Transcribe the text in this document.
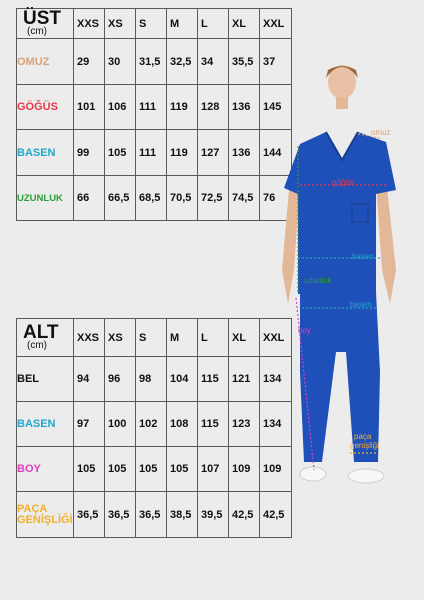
ÜST
(cm)	XXS	XS	S	M	L	XL	XXL
OMUZ	29	30	31,5	32,5	34	35,5	37
GÖĞÜS	101	106	111	119	128	136	145
BASEN	99	105	111	119	127	136	144
UZUNLUK	66	66,5	68,5	70,5	72,5	74,5	76
ALT
(cm)	XXS	XS	S	M	L	XL	XXL
BEL	94	96	98	104	115	121	134
BASEN	97	100	102	108	115	123	134
BOY	105	105	105	105	107	109	109

PAÇA
GENİŞLİĞİ	36,5	36,5	36,5	38,5	39,5	42,5	42,5
omuz
göğüs
basen
uzunluk
boy
basen
paça
genişliği
